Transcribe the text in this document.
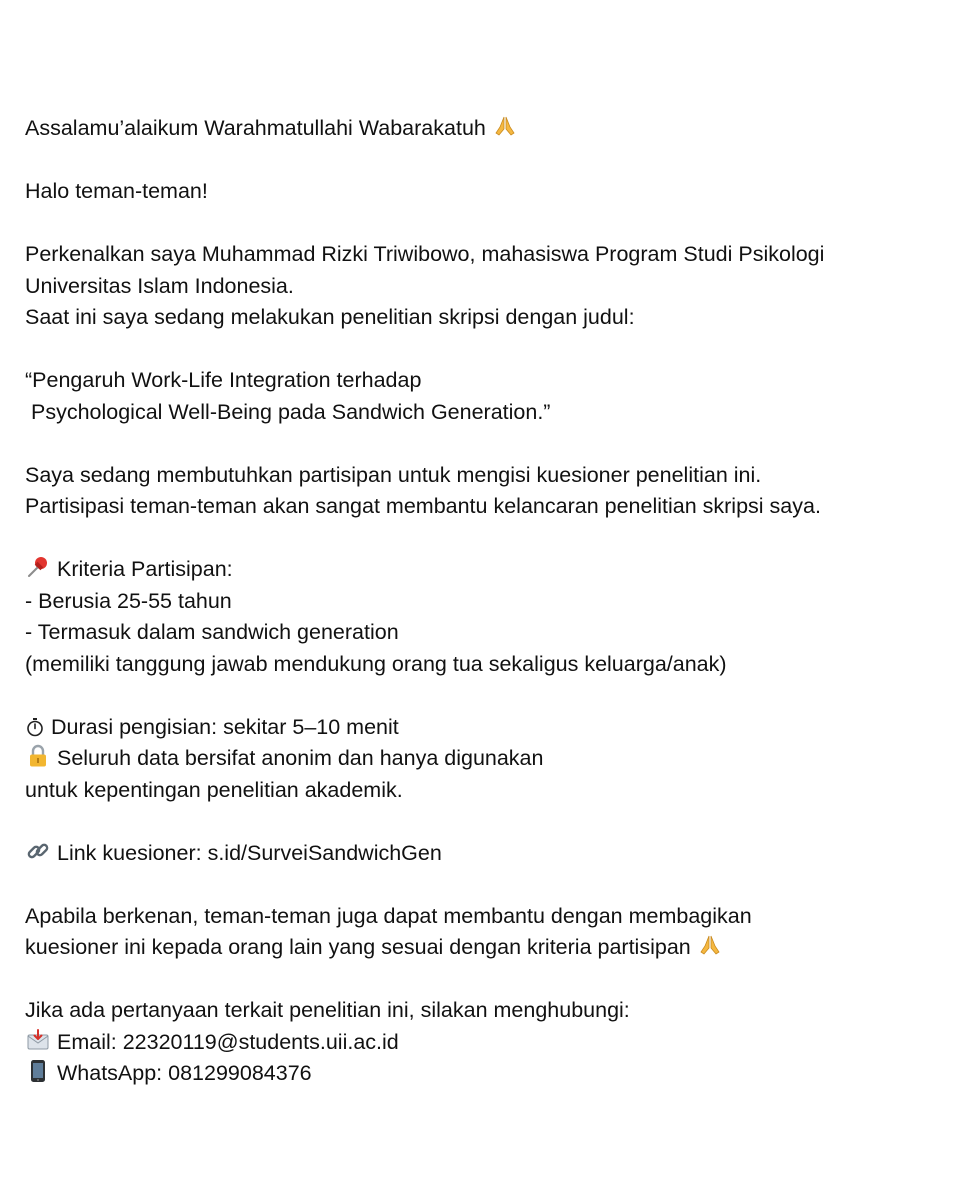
Assalamu’alaikum Warahmatullahi Wabarakatuh
Halo teman-teman!
Perkenalkan saya Muhammad Rizki Triwibowo, mahasiswa Program Studi Psikologi
Universitas Islam Indonesia.
Saat ini saya sedang melakukan penelitian skripsi dengan judul:
“Pengaruh Work-Life Integration terhadap
Psychological Well-Being pada Sandwich Generation.”
Saya sedang membutuhkan partisipan untuk mengisi kuesioner penelitian ini.
Partisipasi teman-teman akan sangat membantu kelancaran penelitian skripsi saya.
Kriteria Partisipan:
- Berusia 25-55 tahun
- Termasuk dalam sandwich generation
(memiliki tanggung jawab mendukung orang tua sekaligus keluarga/anak)
Durasi pengisian: sekitar 5–10 menit
Seluruh data bersifat anonim dan hanya digunakan
untuk kepentingan penelitian akademik.
Link kuesioner: s.id/SurveiSandwichGen
Apabila berkenan, teman-teman juga dapat membantu dengan membagikan
kuesioner ini kepada orang lain yang sesuai dengan kriteria partisipan
Jika ada pertanyaan terkait penelitian ini, silakan menghubungi:
Email: 22320119@students.uii.ac.id
WhatsApp: 081299084376
